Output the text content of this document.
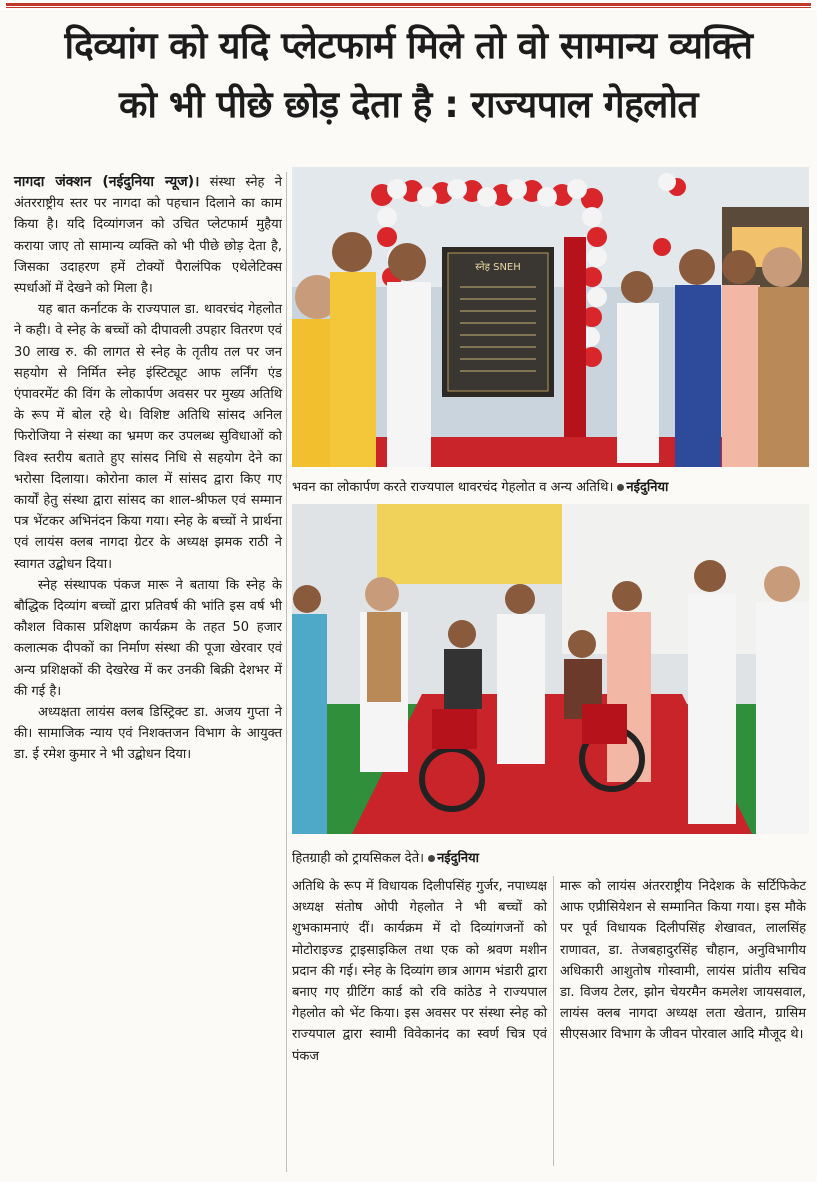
दिव्यांग को यदि प्लेटफार्म मिले तो वो सामान्य व्यक्ति
को भी पीछे छोड़ देता है : राज्यपाल गेहलोत

नागदा जंक्शन (नईदुनिया न्यूज)। संस्था स्नेह ने अंतरराष्ट्रीय स्तर पर नागदा को पहचान दिलाने का काम किया है। यदि दिव्यांगजन को उचित प्लेटफार्म मुहैया कराया जाए तो सामान्य व्यक्ति को भी पीछे छोड़ देता है, जिसका उदाहरण हमें टोक्यों पैरालंपिक एथेलेटिक्स स्पर्धाओं में देखने को मिला है।

यह बात कर्नाटक के राज्यपाल डा. थावरचंद गेहलोत ने कही। वे स्नेह के बच्चों को दीपावली उपहार वितरण एवं 30 लाख रु. की लागत से स्नेह के तृतीय तल पर जन सहयोग से निर्मित स्नेह इंस्टिट्यूट आफ लर्निंग एंड एंपावरमेंट की विंग के लोकार्पण अवसर पर मुख्य अतिथि के रूप में बोल रहे थे। विशिष्ट अतिथि सांसद अनिल फिरोजिया ने संस्था का भ्रमण कर उपलब्ध सुविधाओं को विश्व स्तरीय बताते हुए सांसद निधि से सहयोग देने का भरोसा दिलाया। कोरोना काल में सांसद द्वारा किए गए कार्यों हेतु संस्था द्वारा सांसद का शाल-श्रीफल एवं सम्मान पत्र भेंटकर अभिनंदन किया गया। स्नेह के बच्चों ने प्रार्थना एवं लायंस क्लब नागदा ग्रेटर के अध्यक्ष झमक राठी ने स्वागत उद्बोधन दिया।

स्नेह संस्थापक पंकज मारू ने बताया कि स्नेह के बौद्धिक दिव्यांग बच्चों द्वारा प्रतिवर्ष की भांति इस वर्ष भी कौशल विकास प्रशिक्षण कार्यक्रम के तहत 50 हजार कलात्मक दीपकों का निर्माण संस्था की पूजा खेरवार एवं अन्य प्रशिक्षकों की देखरेख में कर उनकी बिक्री देशभर में की गई है।

अध्यक्षता लायंस क्लब डिस्ट्रिक्ट डा. अजय गुप्ता ने की। सामाजिक न्याय एवं निशक्तजन विभाग के आयुक्त डा. ई रमेश कुमार ने भी उद्बोधन दिया।

स्नेह SNEH
भवन का लोकार्पण करते राज्यपाल थावरचंद गेहलोत व अन्य अतिथि। नईदुनिया
हितग्राही को ट्रायसिकल देते। नईदुनिया

अतिथि के रूप में विधायक दिलीपसिंह गुर्जर, नपाध्यक्ष अध्यक्ष संतोष ओपी गेहलोत ने भी बच्चों को शुभकामनाएं दीं। कार्यक्रम में दो दिव्यांगजनों को मोटोराइज्ड ट्राइसाइकिल तथा एक को श्रवण मशीन प्रदान की गई। स्नेह के दिव्यांग छात्र आगम भंडारी द्वारा बनाए गए ग्रीटिंग कार्ड को रवि कांठेड ने राज्यपाल गेहलोत को भेंट किया। इस अवसर पर संस्था स्नेह को राज्यपाल द्वारा स्वामी विवेकानंद का स्वर्ण चित्र एवं पंकज

मारू को लायंस अंतरराष्ट्रीय निदेशक के सर्टिफिकेट आफ एप्रीसियेशन से सम्मानित किया गया। इस मौके पर पूर्व विधायक दिलीपसिंह शेखावत, लालसिंह राणावत, डा. तेजबहादुरसिंह चौहान, अनुविभागीय अधिकारी आशुतोष गोस्वामी, लायंस प्रांतीय सचिव डा. विजय टेलर, झोन चेयरमैन कमलेश जायसवाल, लायंस क्लब नागदा अध्यक्ष लता खेतान, ग्रासिम सीएसआर विभाग के जीवन पोरवाल आदि मौजूद थे।
